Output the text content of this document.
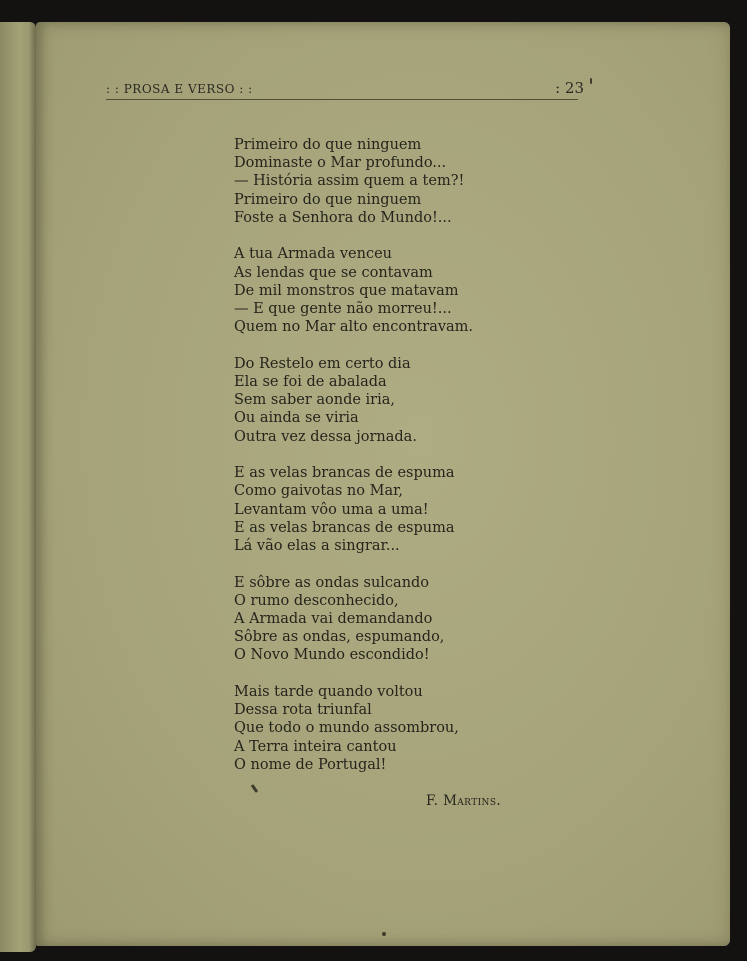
: : PROSA E VERSO : :	: 23
Primeiro do que ninguem
Dominaste o Mar profundo...
— História assim quem a tem?!
Primeiro do que ninguem
Foste a Senhora do Mundo!...
A tua Armada venceu
As lendas que se contavam
De mil monstros que matavam
— E que gente não morreu!...
Quem no Mar alto encontravam.
Do Restelo em certo dia
Ela se foi de abalada
Sem saber aonde iria,
Ou ainda se viria
Outra vez dessa jornada.
E as velas brancas de espuma
Como gaivotas no Mar,
Levantam vôo uma a uma!
E as velas brancas de espuma
Lá vão elas a singrar...
E sôbre as ondas sulcando
O rumo desconhecido,
A Armada vai demandando
Sôbre as ondas, espumando,
O Novo Mundo escondido!
Mais tarde quando voltou
Dessa rota triunfal
Que todo o mundo assombrou,
A Terra inteira cantou
O nome de Portugal!
F. Martins.
